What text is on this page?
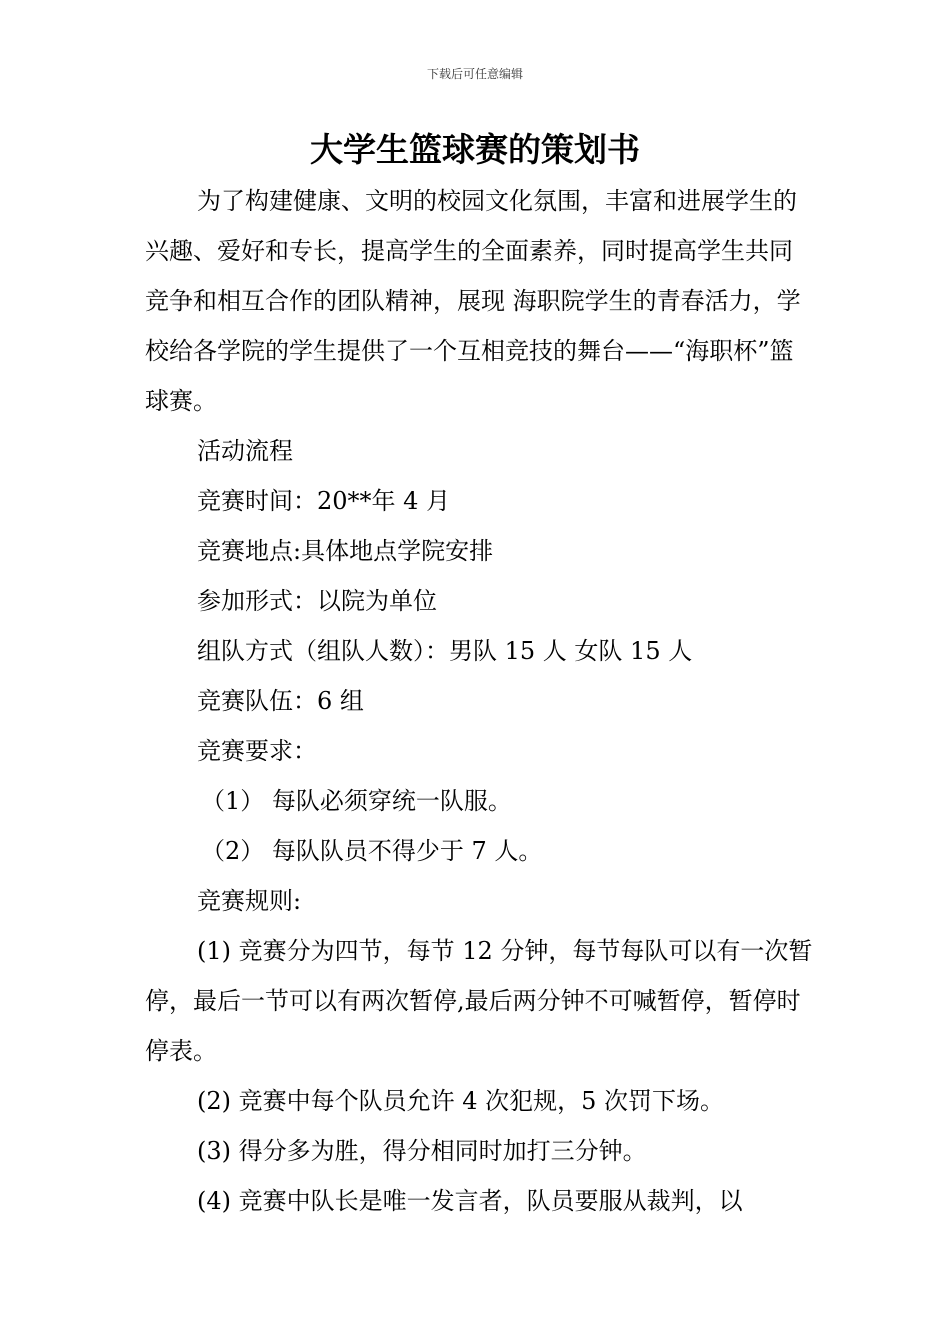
下载后可任意编辑
大学生篮球赛的策划书

为了构建健康、文明的校园文化氛围，丰富和进展学生的兴趣、爱好和专长，提高学生的全面素养，同时提高学生共同竞争和相互合作的团队精神，展现 海职院学生的青春活力，学校给各学院的学生提供了一个互相竞技的舞台——“海职杯”篮球赛。

活动流程

竞赛时间：20**年 4 月

竞赛地点:具体地点学院安排

参加形式：以院为单位

组队方式（组队人数）：男队 15 人 女队 15 人

竞赛队伍：6 组

竞赛要求：

（1） 每队必须穿统一队服。

（2） 每队队员不得少于 7 人。

竞赛规则:

(1) 竞赛分为四节，每节 12 分钟，每节每队可以有一次暂停，最后一节可以有两次暂停,最后两分钟不可喊暂停，暂停时停表。

(2) 竞赛中每个队员允许 4 次犯规，5 次罚下场。

(3) 得分多为胜，得分相同时加打三分钟。

(4) 竞赛中队长是唯一发言者，队员要服从裁判，以
